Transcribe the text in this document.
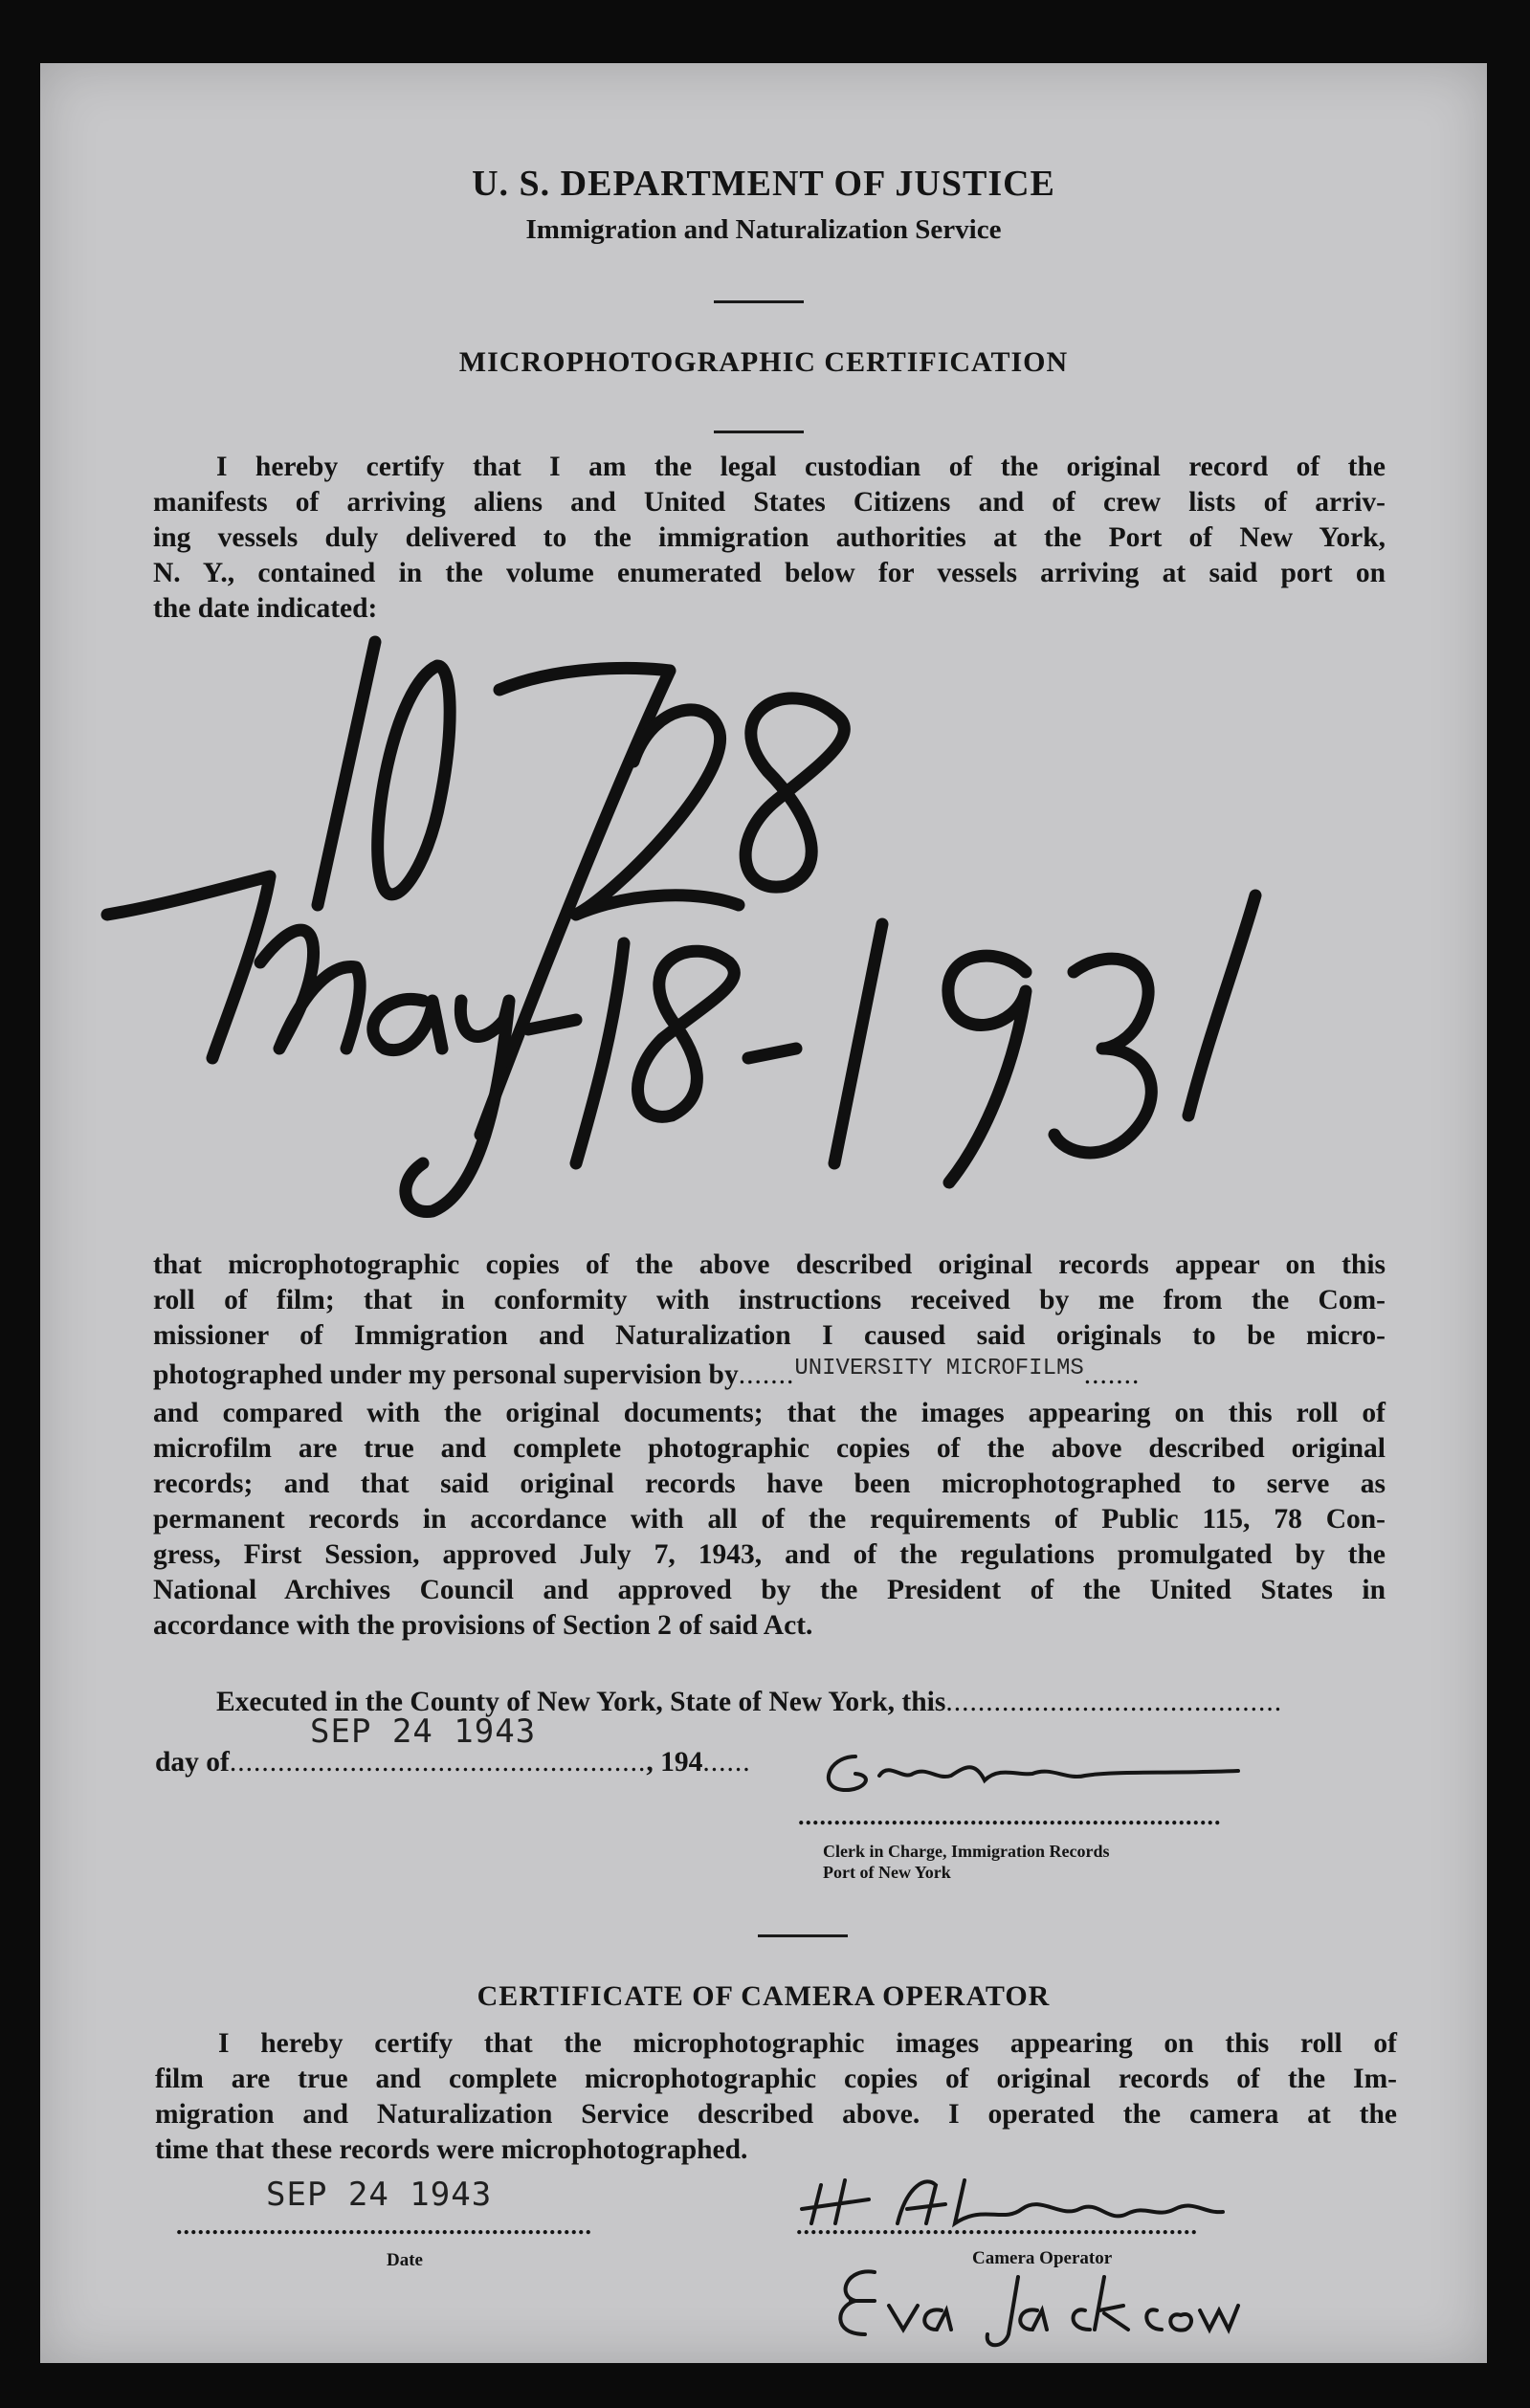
U. S. DEPARTMENT OF JUSTICE
Immigration and Naturalization Service
MICROPHOTOGRAPHIC CERTIFICATION

I hereby certify that I am the legal custodian of the original record of the

manifests of arriving aliens and United States Citizens and of crew lists of arriv-

ing vessels duly delivered to the immigration authorities at the Port of New York,

N. Y., contained in the volume enumerated below for vessels arriving at said port on

the date indicated:

that microphotographic copies of the above described original records appear on this

roll of film; that in conformity with instructions received by me from the Com-

missioner of Immigration and Naturalization I caused said originals to be micro-

photographed under my personal supervision by.......$^{UNIVERSITY MICROFILMS}$.......

and compared with the original documents; that the images appearing on this roll of

microfilm are true and complete photographic copies of the above described original

records; and that said original records have been microphotographed to serve as

permanent records in accordance with all of the requirements of Public 115, 78 Con-

gress, First Session, approved July 7, 1943, and of the regulations promulgated by the

National Archives Council and approved by the President of the United States in

accordance with the provisions of Section 2 of said Act.

Executed in the County of New York, State of New York, this..........................................
day of...................................................., 194......
SEP 24 1943
...........................................................
Clerk in Charge, Immigration Records
Port of New York
CERTIFICATE OF CAMERA OPERATOR

I hereby certify that the microphotographic images appearing on this roll of

film are true and complete microphotographic copies of original records of the Im-

migration and Naturalization Service described above. I operated the camera at the

time that these records were microphotographed.

SEP 24 1943
..........................................................
Date
........................................................
Camera Operator
